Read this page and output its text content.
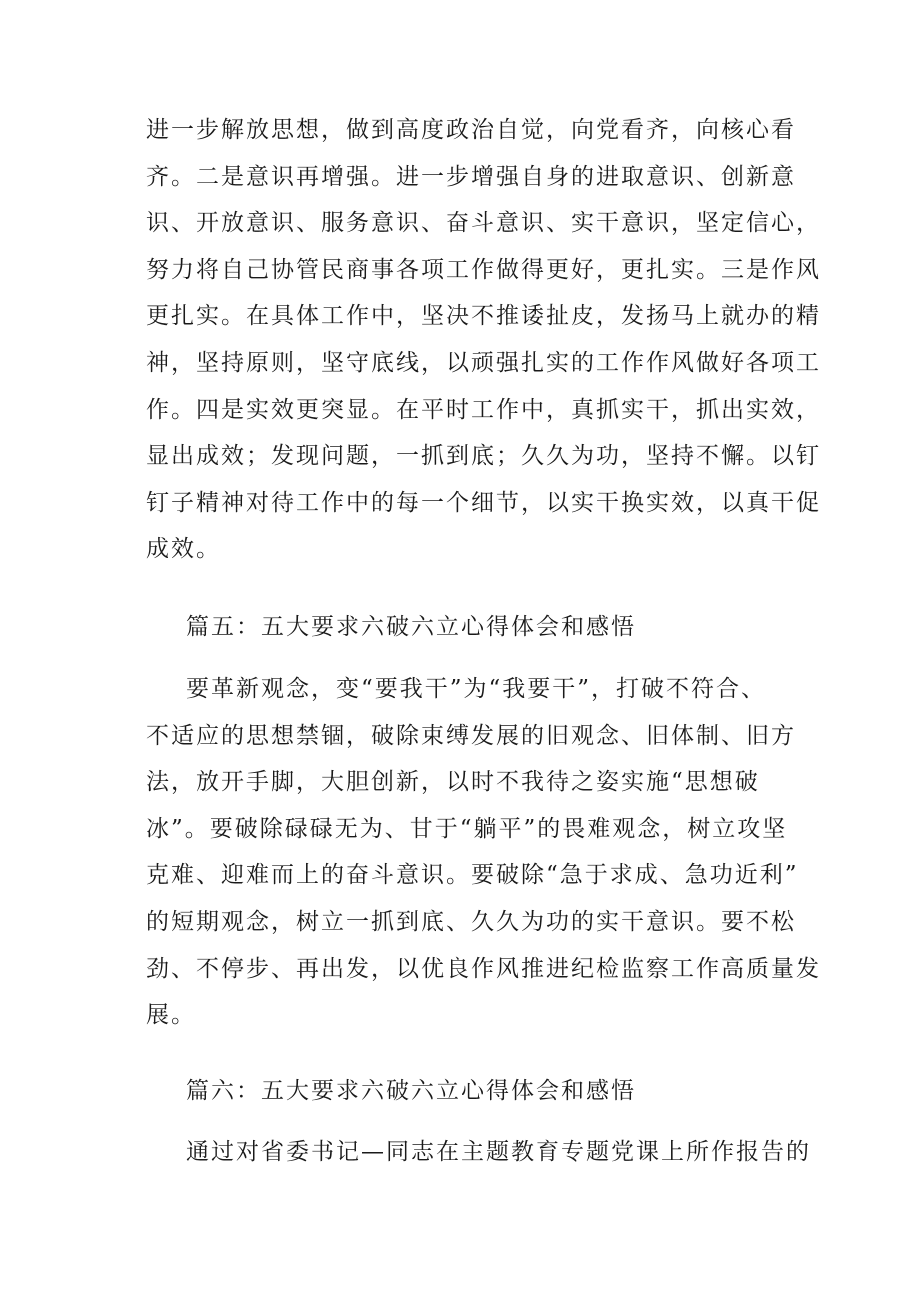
进一步解放思想，做到高度政治自觉，向党看齐，向核心看
齐。二是意识再增强。进一步增强自身的进取意识、创新意
识、开放意识、服务意识、奋斗意识、实干意识，坚定信心，
努力将自己协管民商事各项工作做得更好，更扎实。三是作风
更扎实。在具体工作中，坚决不推诿扯皮，发扬马上就办的精
神，坚持原则，坚守底线，以顽强扎实的工作作风做好各项工
作。四是实效更突显。在平时工作中，真抓实干，抓出实效，
显出成效；发现问题，一抓到底；久久为功，坚持不懈。以钉
钉子精神对待工作中的每一个细节，以实干换实效，以真干促
成效。
篇五：五大要求六破六立心得体会和感悟
要革新观念，变“要我干”为“我要干”，打破不符合、
不适应的思想禁锢，破除束缚发展的旧观念、旧体制、旧方
法，放开手脚，大胆创新，以时不我待之姿实施“思想破
冰”。要破除碌碌无为、甘于“躺平”的畏难观念，树立攻坚
克难、迎难而上的奋斗意识。要破除“急于求成、急功近利”
的短期观念，树立一抓到底、久久为功的实干意识。要不松
劲、不停步、再出发，以优良作风推进纪检监察工作高质量发
展。
篇六：五大要求六破六立心得体会和感悟
通过对省委书记—同志在主题教育专题党课上所作报告的
